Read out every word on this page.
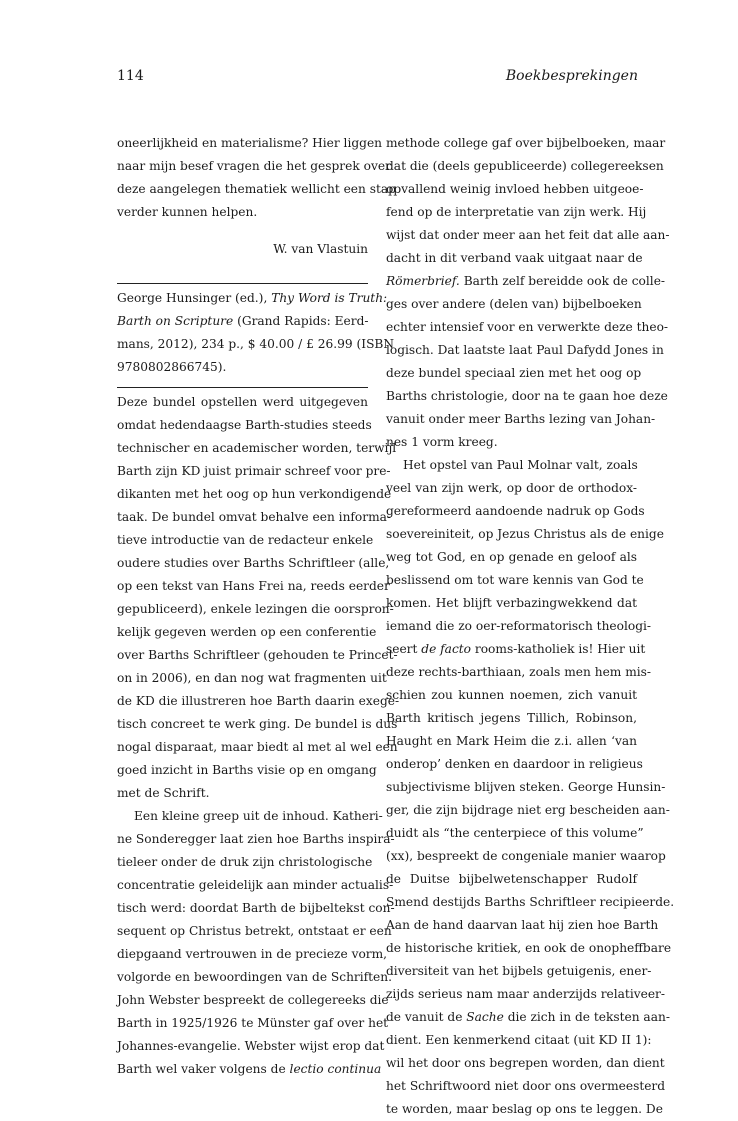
114	Boekbesprekingen

oneerlijkheid en materialisme? Hier liggen
naar mijn besef vragen die het gesprek over
deze aangelegen thematiek wellicht een stap
verder kunnen helpen.
W. van Vlastuin
George Hunsinger (ed.), Thy Word is Truth:
Barth on Scripture (Grand Rapids: Eerd-
mans, 2012), 234 p., $ 40.00 / £ 26.99 (ISBN
9780802866745).
Deze bundel opstellen werd uitgegeven
omdat hedendaagse Barth-studies steeds
technischer en academischer worden, terwijl
Barth zijn KD juist primair schreef voor pre-
dikanten met het oog op hun verkondigende
taak. De bundel omvat behalve een informa-
tieve introductie van de redacteur enkele
oudere studies over Barths Schriftleer (alle,
op een tekst van Hans Frei na, reeds eerder
gepubliceerd), enkele lezingen die oorspron-
kelijk gegeven werden op een conferentie
over Barths Schriftleer (gehouden te Princet-
on in 2006), en dan nog wat fragmenten uit
de KD die illustreren hoe Barth daarin exege-
tisch concreet te werk ging. De bundel is dus
nogal disparaat, maar biedt al met al wel een
goed inzicht in Barths visie op en omgang
met de Schrift.
Een kleine greep uit de inhoud. Katheri-
ne Sonderegger laat zien hoe Barths inspira-
tieleer onder de druk zijn christologische
concentratie geleidelijk aan minder actualis-
tisch werd: doordat Barth de bijbeltekst con-
sequent op Christus betrekt, ontstaat er een
diepgaand vertrouwen in de precieze vorm,
volgorde en bewoordingen van de Schriften.
John Webster bespreekt de collegereeks die
Barth in 1925/1926 te Münster gaf over het
Johannes-evangelie. Webster wijst erop dat
Barth wel vaker volgens de lectio continua
methode college gaf over bijbelboeken, maar
dat die (deels gepubliceerde) collegereeksen
opvallend weinig invloed hebben uitgeoe-
fend op de interpretatie van zijn werk. Hij
wijst dat onder meer aan het feit dat alle aan-
dacht in dit verband vaak uitgaat naar de
Römerbrief. Barth zelf bereidde ook de colle-
ges over andere (delen van) bijbelboeken
echter intensief voor en verwerkte deze theo-
logisch. Dat laatste laat Paul Dafydd Jones in
deze bundel speciaal zien met het oog op
Barths christologie, door na te gaan hoe deze
vanuit onder meer Barths lezing van Johan-
nes 1 vorm kreeg.
Het opstel van Paul Molnar valt, zoals
veel van zijn werk, op door de orthodox-
gereformeerd aandoende nadruk op Gods
soevereiniteit, op Jezus Christus als de enige
weg tot God, en op genade en geloof als
beslissend om tot ware kennis van God te
komen. Het blijft verbazingwekkend dat
iemand die zo oer-reformatorisch theologi-
seert de facto rooms-katholiek is! Hier uit
deze rechts-barthiaan, zoals men hem mis-
schien zou kunnen noemen, zich vanuit
Barth kritisch jegens Tillich, Robinson,
Haught en Mark Heim die z.i. allen ‘van
onderop’ denken en daardoor in religieus
subjectivisme blijven steken. George Hunsin-
ger, die zijn bijdrage niet erg bescheiden aan-
duidt als “the centerpiece of this volume”
(xx), bespreekt de congeniale manier waarop
de Duitse bijbelwetenschapper Rudolf
Smend destijds Barths Schriftleer recipieerde.
Aan de hand daarvan laat hij zien hoe Barth
de historische kritiek, en ook de onopheffbare
diversiteit van het bijbels getuigenis, ener-
zijds serieus nam maar anderzijds relativeer-
de vanuit de Sache die zich in de teksten aan-
dient. Een kenmerkend citaat (uit KD II 1):
wil het door ons begrepen worden, dan dient
het Schriftwoord niet door ons overmeesterd
te worden, maar beslag op ons te leggen. De
